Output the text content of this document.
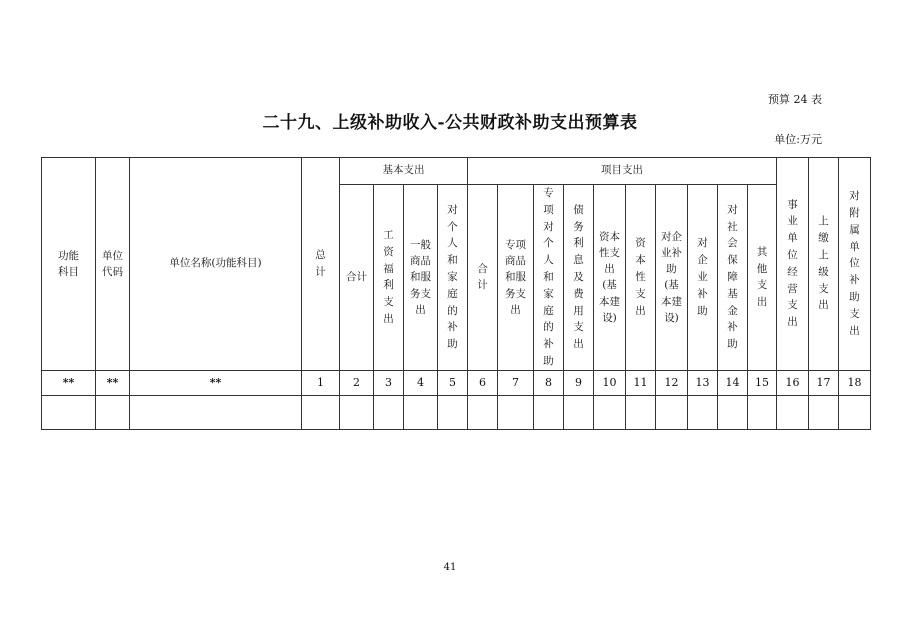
预算 24 表
二十九、上级补助收入-公共财政补助支出预算表
单位:万元
功能科目	单位代码	单位名称(功能科目)	总计	基本支出				项目支出										事业单位经营支出	上缴上级支出	对附属单位补助支出
				合计	工资福利支出	一般商品和服务支出	对个人和家庭的补助	合计	专项商品和服务支出	专项对个人和家庭的补助	债务利息及费用支出	资本性支出(基本建设)	资本性支出	对企业补助(基本建设)	对企业补助	对社会保障基金补助	其他支出			
**	**	**	1	2	3	4	5	6	7	8	9	10	11	12	13	14	15	16	17	18

41
